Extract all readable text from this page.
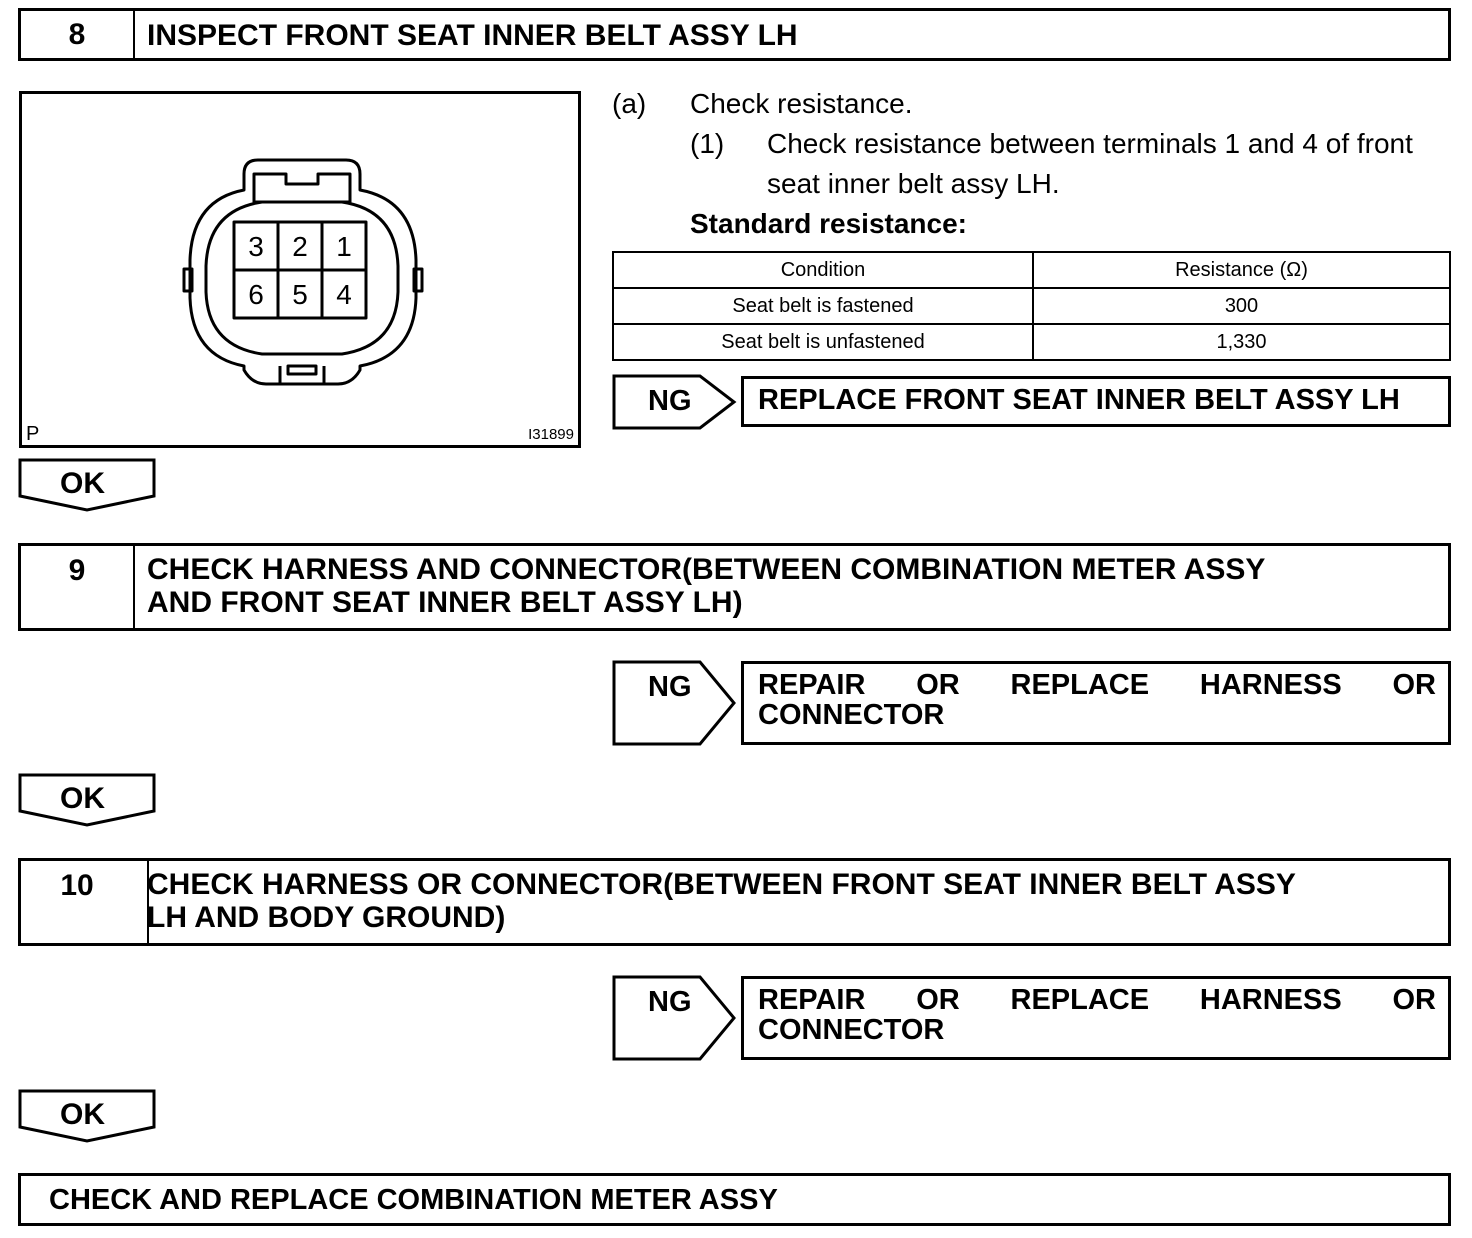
8	INSPECT FRONT SEAT INNER BELT ASSY LH
3 2 1
6 5 4
P	I31899
(a) Check resistance.
(1) Check resistance between terminals 1 and 4 of front
seat inner belt assy LH.
Standard resistance:
Condition	Resistance (Ω)
Seat belt is fastened	300
Seat belt is unfastened	1,330
NG	REPLACE FRONT SEAT INNER BELT ASSY LH
OK
9	CHECK HARNESS AND CONNECTOR(BETWEEN COMBINATION METER ASSY
AND FRONT SEAT INNER BELT ASSY LH)
NG REPAIR OR REPLACE HARNESS OR
CONNECTOR
OK
10	CHECK HARNESS OR CONNECTOR(BETWEEN FRONT SEAT INNER BELT ASSY
LH AND BODY GROUND)
NG REPAIR OR REPLACE HARNESS OR
CONNECTOR
OK
CHECK AND REPLACE COMBINATION METER ASSY
